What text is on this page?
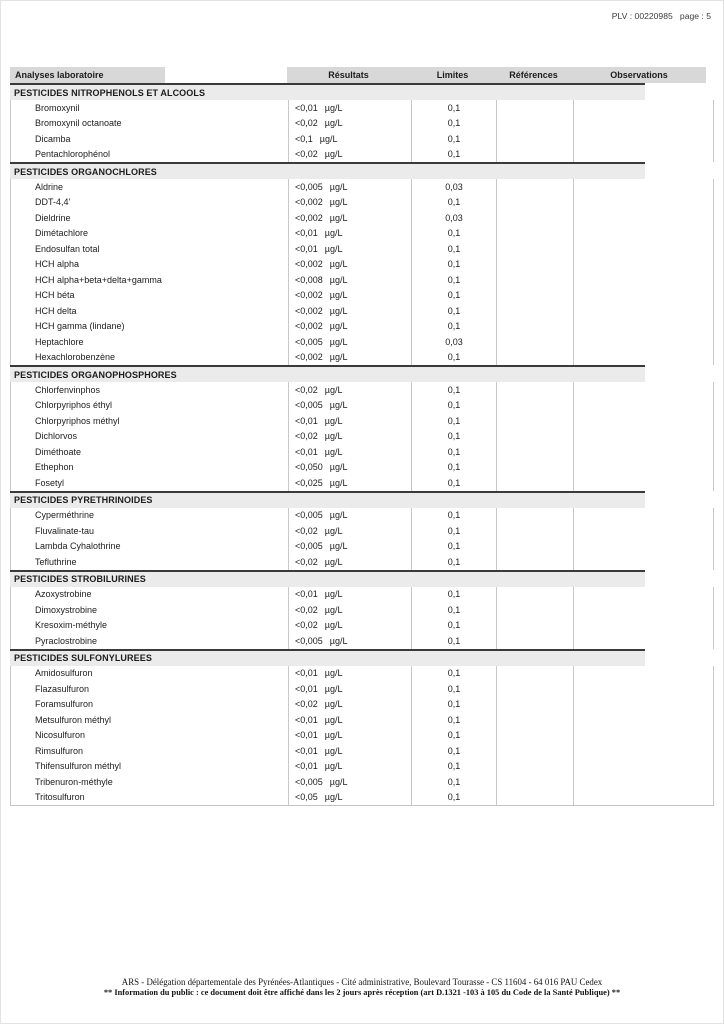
PLV : 00220985   page : 5
Analyses laboratoire	Résultats	Limites	Références	Observations
PESTICIDES NITROPHENOLS ET ALCOOLS
Bromoxynil	<0,01 µg/L	0,1
Bromoxynil octanoate	<0,02 µg/L	0,1
Dicamba	<0,1 µg/L	0,1
Pentachlorophénol	<0,02 µg/L	0,1
PESTICIDES ORGANOCHLORES
Aldrine	<0,005 µg/L	0,03
DDT-4,4'	<0,002 µg/L	0,1
Dieldrine	<0,002 µg/L	0,03
Dimétachlore	<0,01 µg/L	0,1
Endosulfan total	<0,01 µg/L	0,1
HCH alpha	<0,002 µg/L	0,1
HCH alpha+beta+delta+gamma	<0,008 µg/L	0,1
HCH béta	<0,002 µg/L	0,1
HCH delta	<0,002 µg/L	0,1
HCH gamma (lindane)	<0,002 µg/L	0,1
Heptachlore	<0,005 µg/L	0,03
Hexachlorobenzène	<0,002 µg/L	0,1
PESTICIDES ORGANOPHOSPHORES
Chlorfenvinphos	<0,02 µg/L	0,1
Chlorpyriphos éthyl	<0,005 µg/L	0,1
Chlorpyriphos méthyl	<0,01 µg/L	0,1
Dichlorvos	<0,02 µg/L	0,1
Diméthoate	<0,01 µg/L	0,1
Ethephon	<0,050 µg/L	0,1
Fosetyl	<0,025 µg/L	0,1
PESTICIDES PYRETHRINOIDES
Cyperméthrine	<0,005 µg/L	0,1
Fluvalinate-tau	<0,02 µg/L	0,1
Lambda Cyhalothrine	<0,005 µg/L	0,1
Tefluthrine	<0,02 µg/L	0,1
PESTICIDES STROBILURINES
Azoxystrobine	<0,01 µg/L	0,1
Dimoxystrobine	<0,02 µg/L	0,1
Kresoxim-méthyle	<0,02 µg/L	0,1
Pyraclostrobine	<0,005 µg/L	0,1
PESTICIDES SULFONYLUREES
Amidosulfuron	<0,01 µg/L	0,1
Flazasulfuron	<0,01 µg/L	0,1
Foramsulfuron	<0,02 µg/L	0,1
Metsulfuron méthyl	<0,01 µg/L	0,1
Nicosulfuron	<0,01 µg/L	0,1
Rimsulfuron	<0,01 µg/L	0,1
Thifensulfuron méthyl	<0,01 µg/L	0,1
Tribenuron-méthyle	<0,005 µg/L	0,1
Tritosulfuron	<0,05 µg/L	0,1
ARS - Délégation départementale des Pyrénées-Atlantiques - Cité administrative, Boulevard Tourasse - CS 11604 - 64 016 PAU Cedex
** Information du public : ce document doit être affiché dans les 2 jours après réception (art D.1321 -103 à 105 du Code de la Santé Publique) **
